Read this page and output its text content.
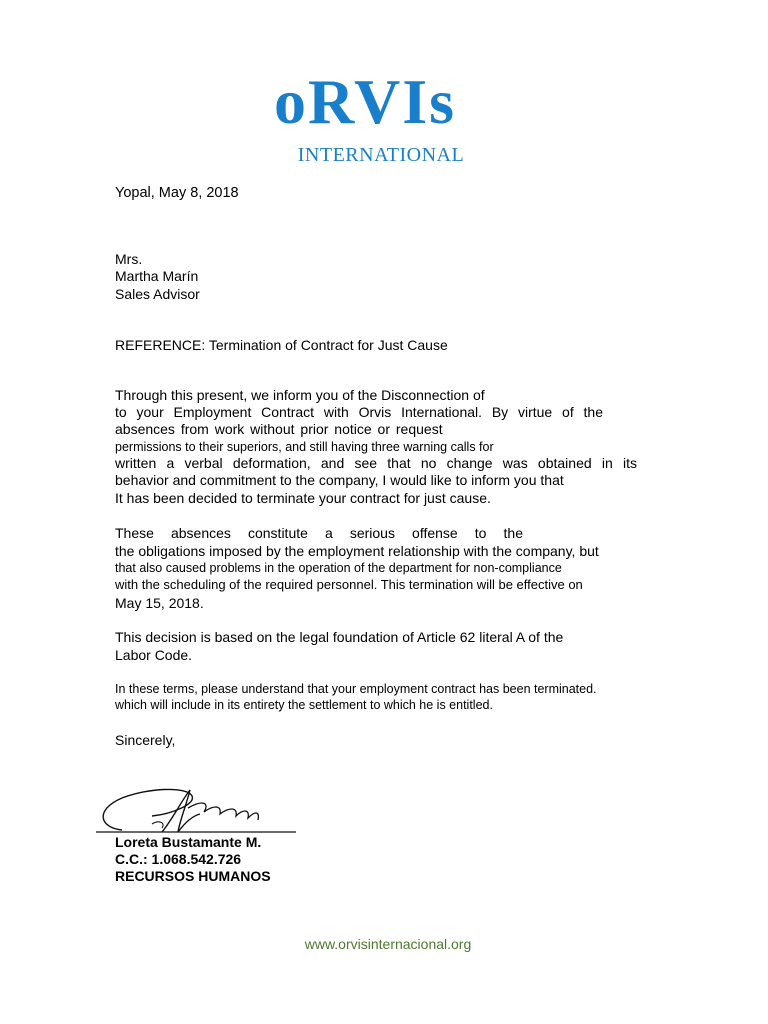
oRVIs
INTERNATIONAL
Yopal, May 8, 2018
Mrs.
Martha Marín
Sales Advisor
REFERENCE: Termination of Contract for Just Cause
Through this present, we inform you of the Disconnection of
to your Employment Contract with Orvis International. By virtue of the
absences from work without prior notice or request
permissions to their superiors, and still having three warning calls for
written a verbal deformation, and see that no change was obtained in its
behavior and commitment to the company, I would like to inform you that
It has been decided to terminate your contract for just cause.
These absences constitute a serious offense to the
the obligations imposed by the employment relationship with the company, but
that also caused problems in the operation of the department for non-compliance
with the scheduling of the required personnel. This termination will be effective on
May 15, 2018.
This decision is based on the legal foundation of Article 62 literal A of the
Labor Code.
In these terms, please understand that your employment contract has been terminated.
which will include in its entirety the settlement to which he is entitled.
Sincerely,
Loreta Bustamante M.
C.C.: 1.068.542.726
RECURSOS HUMANOS
www.orvisinternacional.org
